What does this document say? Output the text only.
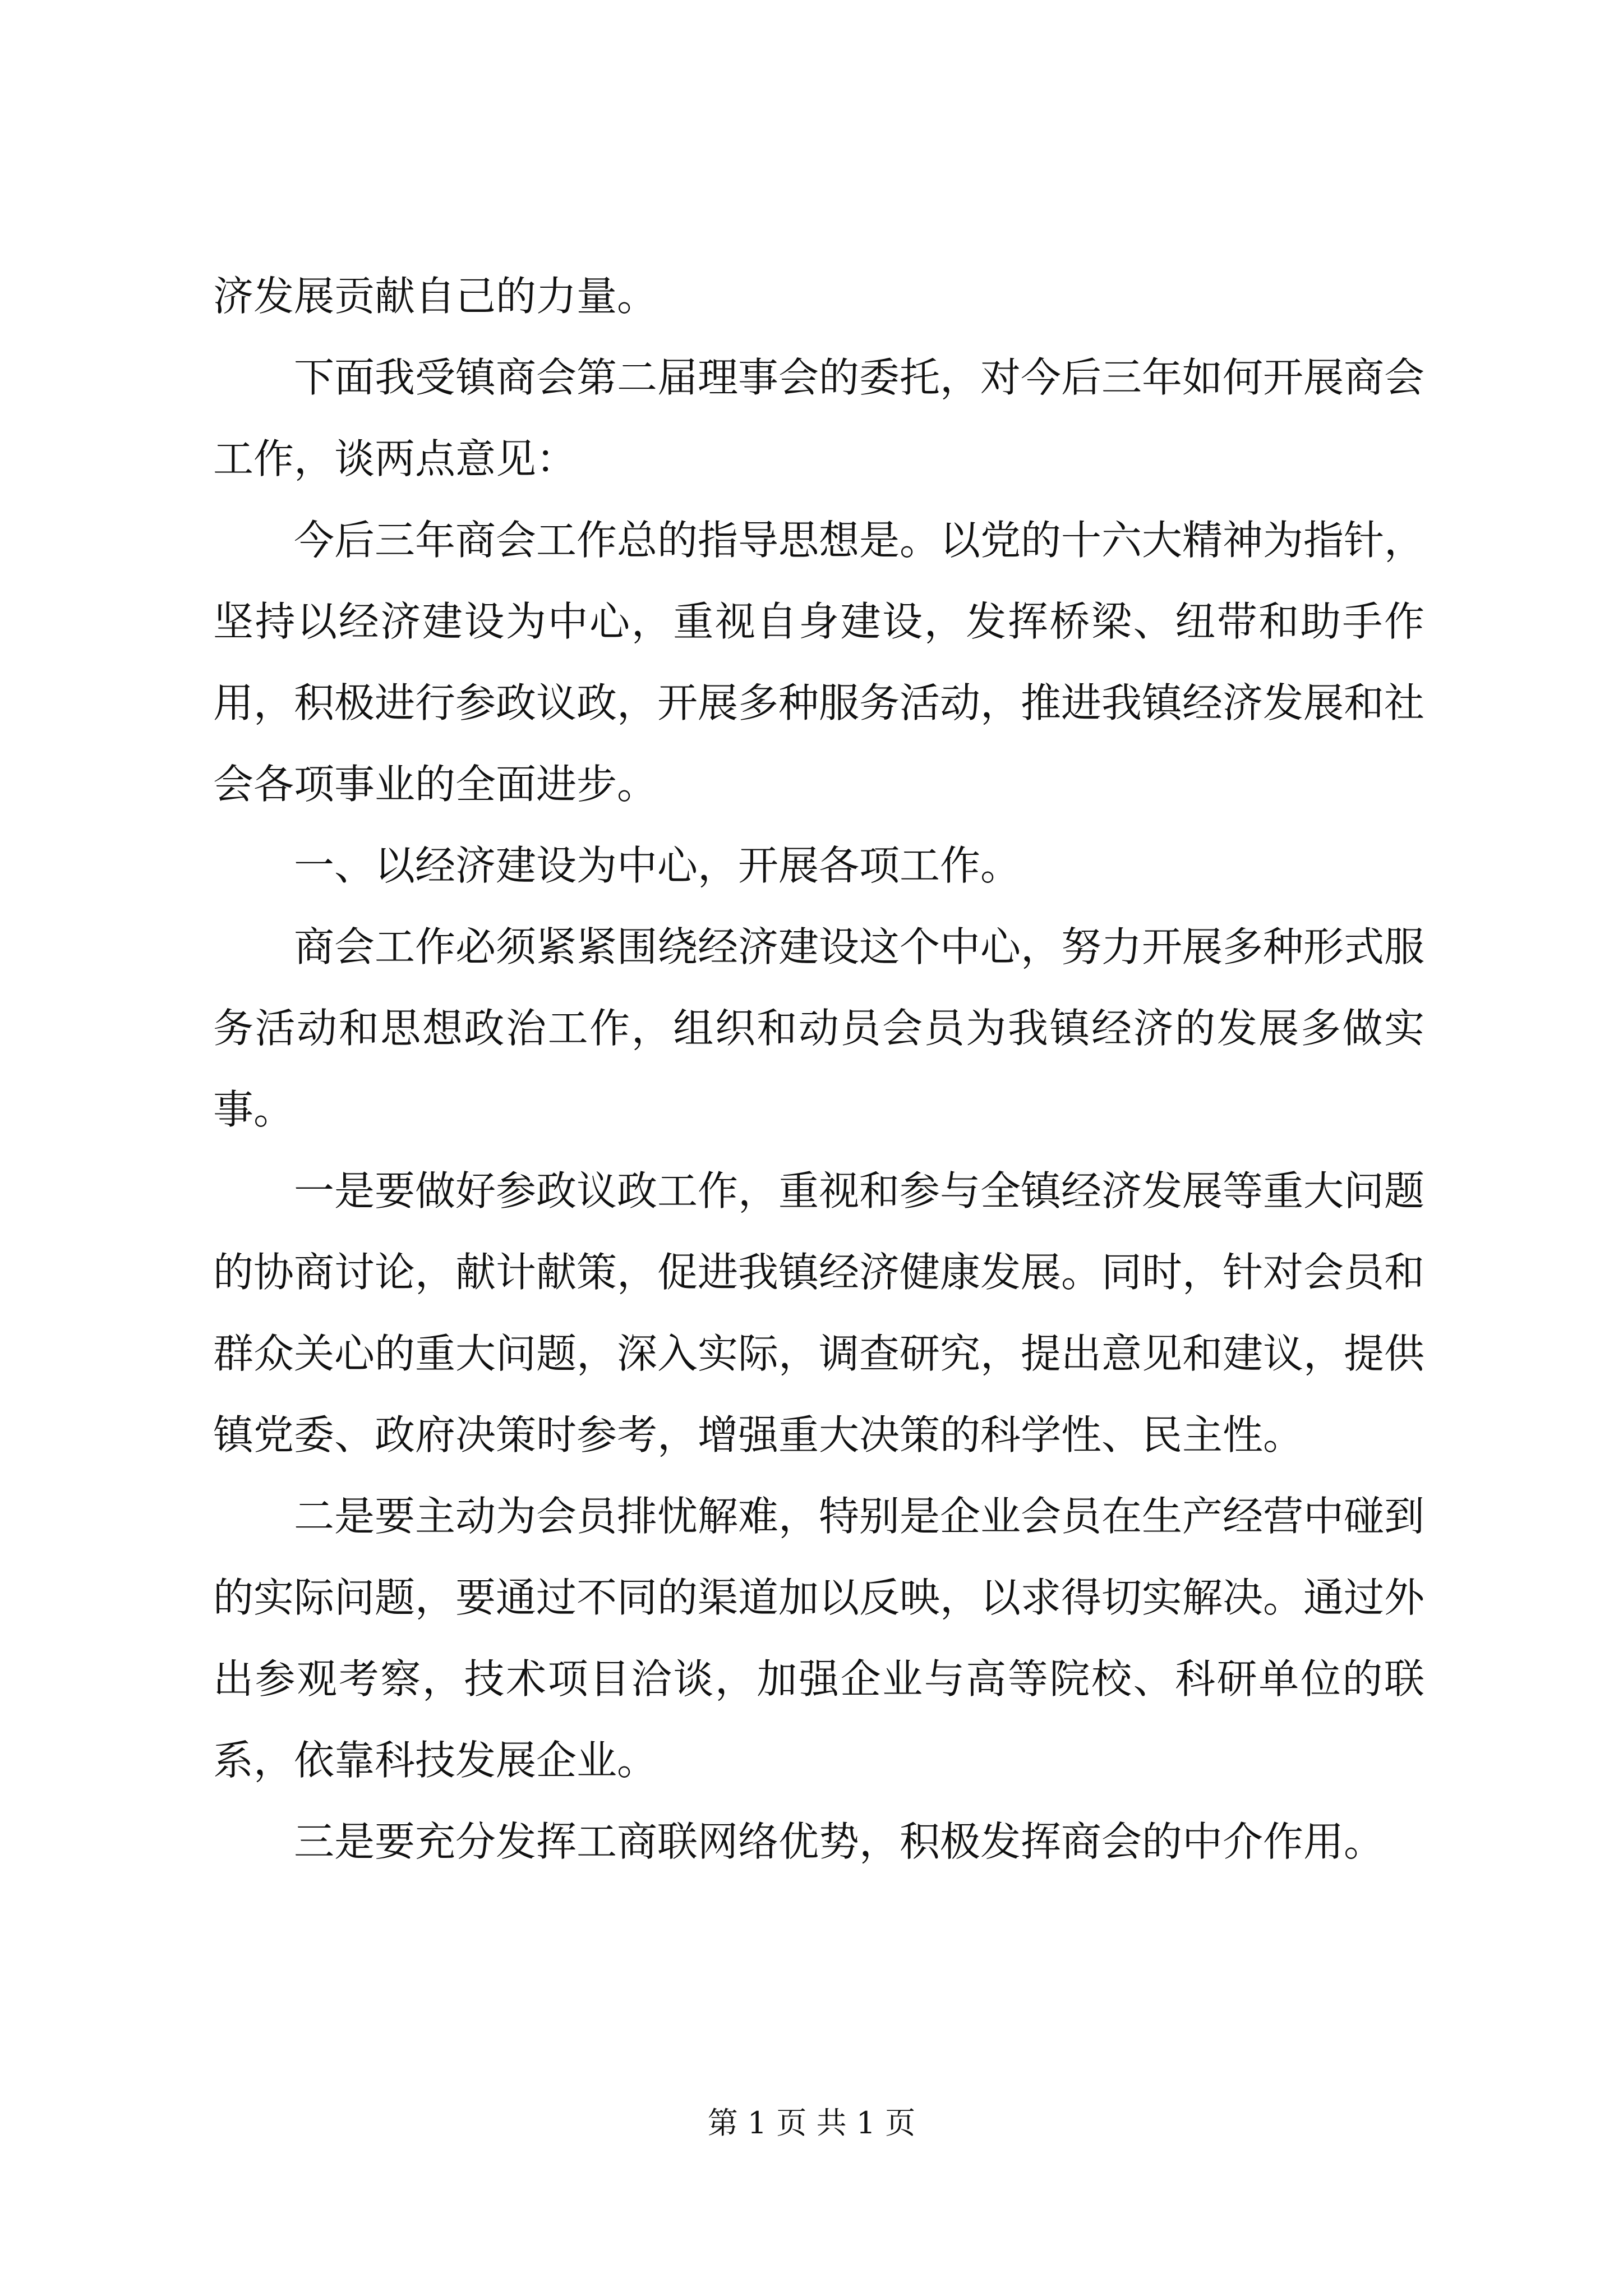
济发展贡献自己的力量。

下面我受镇商会第二届理事会的委托，对今后三年如何开展商会工作，谈两点意见：

今后三年商会工作总的指导思想是。以党的十六大精神为指针，坚持以经济建设为中心，重视自身建设，发挥桥梁、纽带和助手作用，积极进行参政议政，开展多种服务活动，推进我镇经济发展和社会各项事业的全面进步。

一、以经济建设为中心，开展各项工作。

商会工作必须紧紧围绕经济建设这个中心，努力开展多种形式服务活动和思想政治工作，组织和动员会员为我镇经济的发展多做实事。

一是要做好参政议政工作，重视和参与全镇经济发展等重大问题的协商讨论，献计献策，促进我镇经济健康发展。同时，针对会员和群众关心的重大问题，深入实际，调查研究，提出意见和建议，提供镇党委、政府决策时参考，增强重大决策的科学性、民主性。

二是要主动为会员排忧解难，特别是企业会员在生产经营中碰到的实际问题，要通过不同的渠道加以反映，以求得切实解决。通过外出参观考察，技术项目洽谈，加强企业与高等院校、科研单位的联系，依靠科技发展企业。

三是要充分发挥工商联网络优势，积极发挥商会的中介作用。

第 1 页 共 1 页
